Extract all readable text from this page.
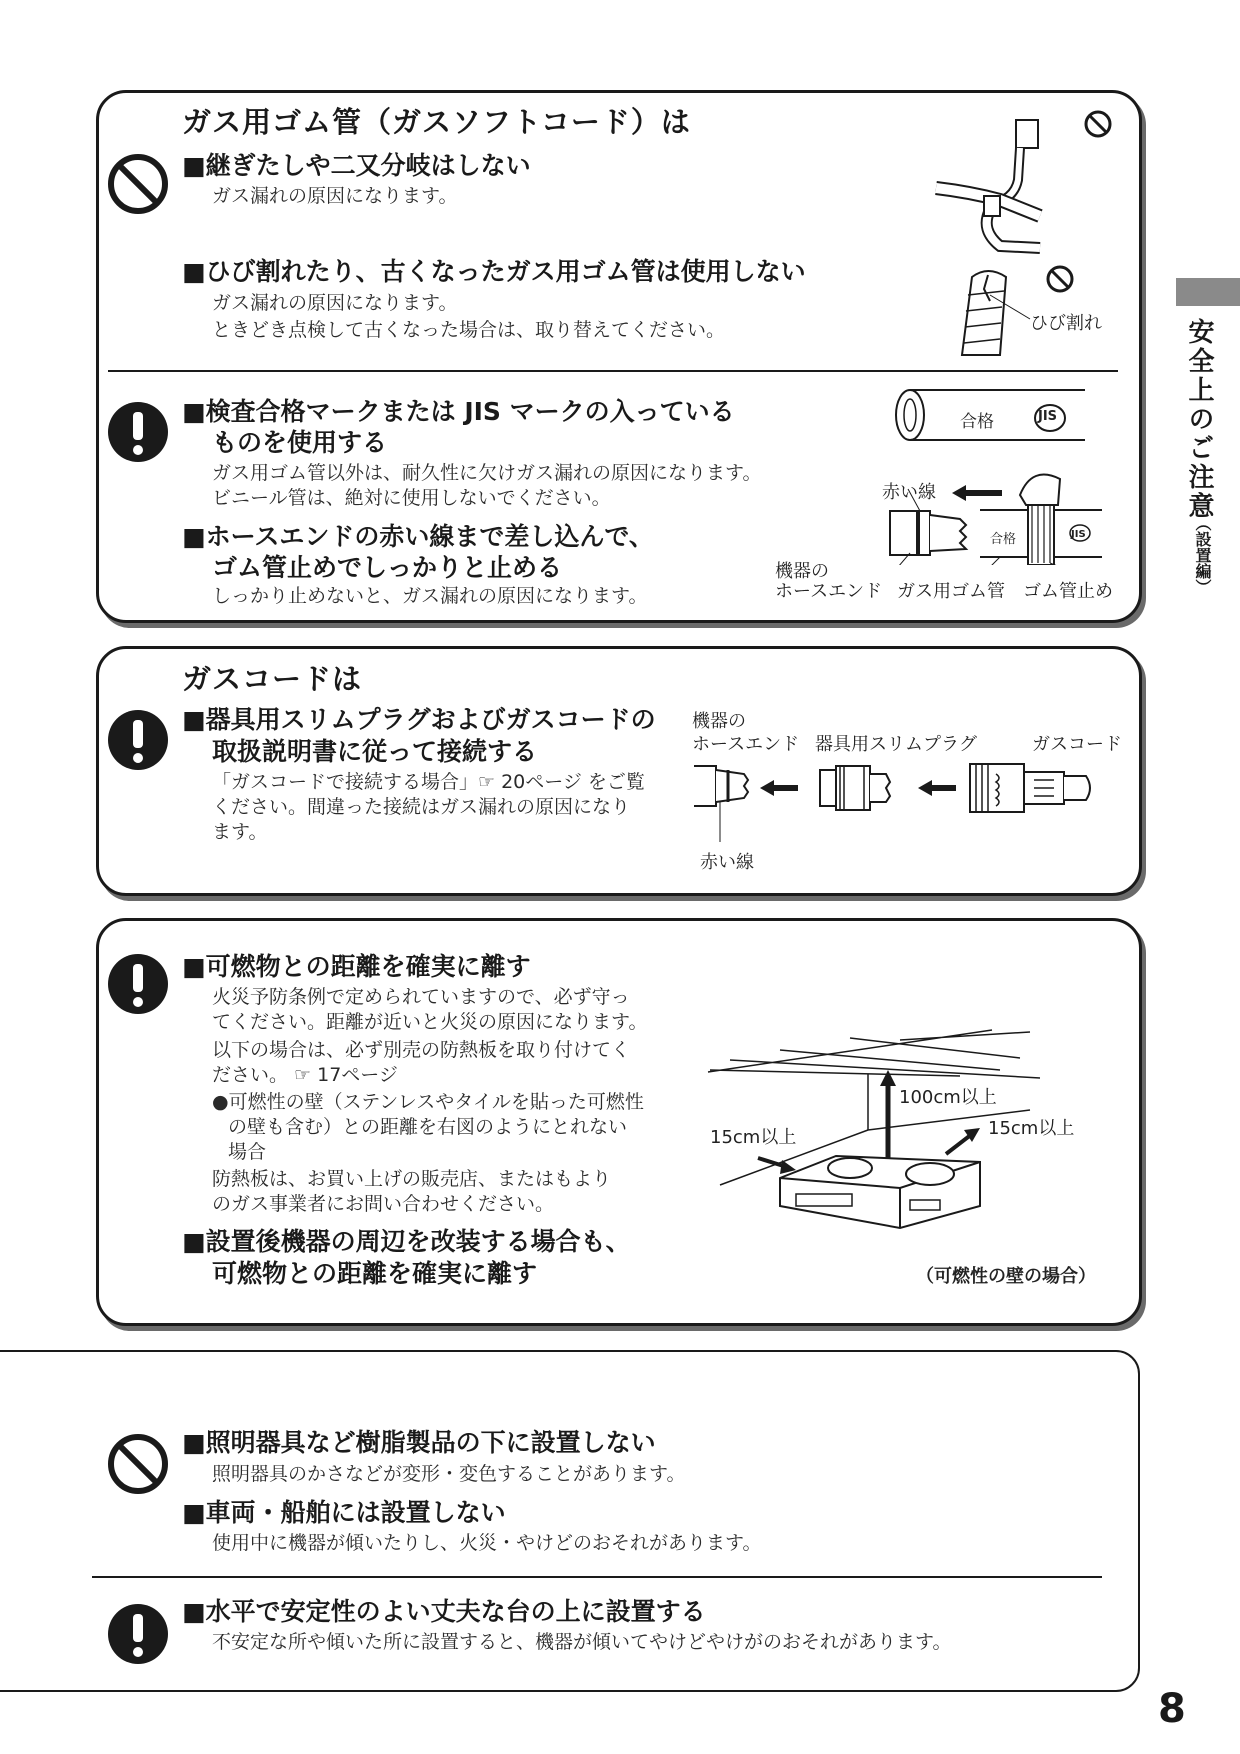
ガス用ゴム管（ガスソフトコード）は
■継ぎたしや二又分岐はしない
ガス漏れの原因になります。
■ひび割れたり、古くなったガス用ゴム管は使用しない
ガス漏れの原因になります。
ときどき点検して古くなった場合は、取り替えてください。	ひび割れ
■検査合格マークまたは JIS マークの入っている
ものを使用する
ガス用ゴム管以外は、耐久性に欠けガス漏れの原因になります。
ビニール管は、絶対に使用しないでください。
■ホースエンドの赤い線まで差し込んで、
ゴム管止めでしっかりと止める
しっかり止めないと、ガス漏れの原因になります。
合格	JIS
赤い線
合格	JIS
機器の
ホースエンド ガス用ゴム管 ゴム管止め
ガスコードは
■器具用スリムプラグおよびガスコードの
取扱説明書に従って接続する
「ガスコードで接続する場合」☞ 20ページ をご覧
ください。間違った接続はガス漏れの原因になり
ます。
機器の
ホースエンド 器具用スリムプラグ	ガスコード
赤い線
■可燃物との距離を確実に離す
火災予防条例で定められていますので、必ず守っ
てください。距離が近いと火災の原因になります。
以下の場合は、必ず別売の防熱板を取り付けてく
ださい。 ☞ 17ページ
●可燃性の壁（ステンレスやタイルを貼った可燃性
の壁も含む）との距離を右図のようにとれない
場合
防熱板は、お買い上げの販売店、またはもより
のガス事業者にお問い合わせください。
■設置後機器の周辺を改装する場合も、
可燃物との距離を確実に離す
100cm以上
15cm以上	15cm以上
（可燃性の壁の場合）
■照明器具など樹脂製品の下に設置しない
照明器具のかさなどが変形・変色することがあります。
■車両・船舶には設置しない
使用中に機器が傾いたりし、火災・やけどのおそれがあります。
■水平で安定性のよい丈夫な台の上に設置する
不安定な所や傾いた所に設置すると、機器が傾いてやけどやけがのおそれがあります。
安全上のご注意
（設置編）
8
